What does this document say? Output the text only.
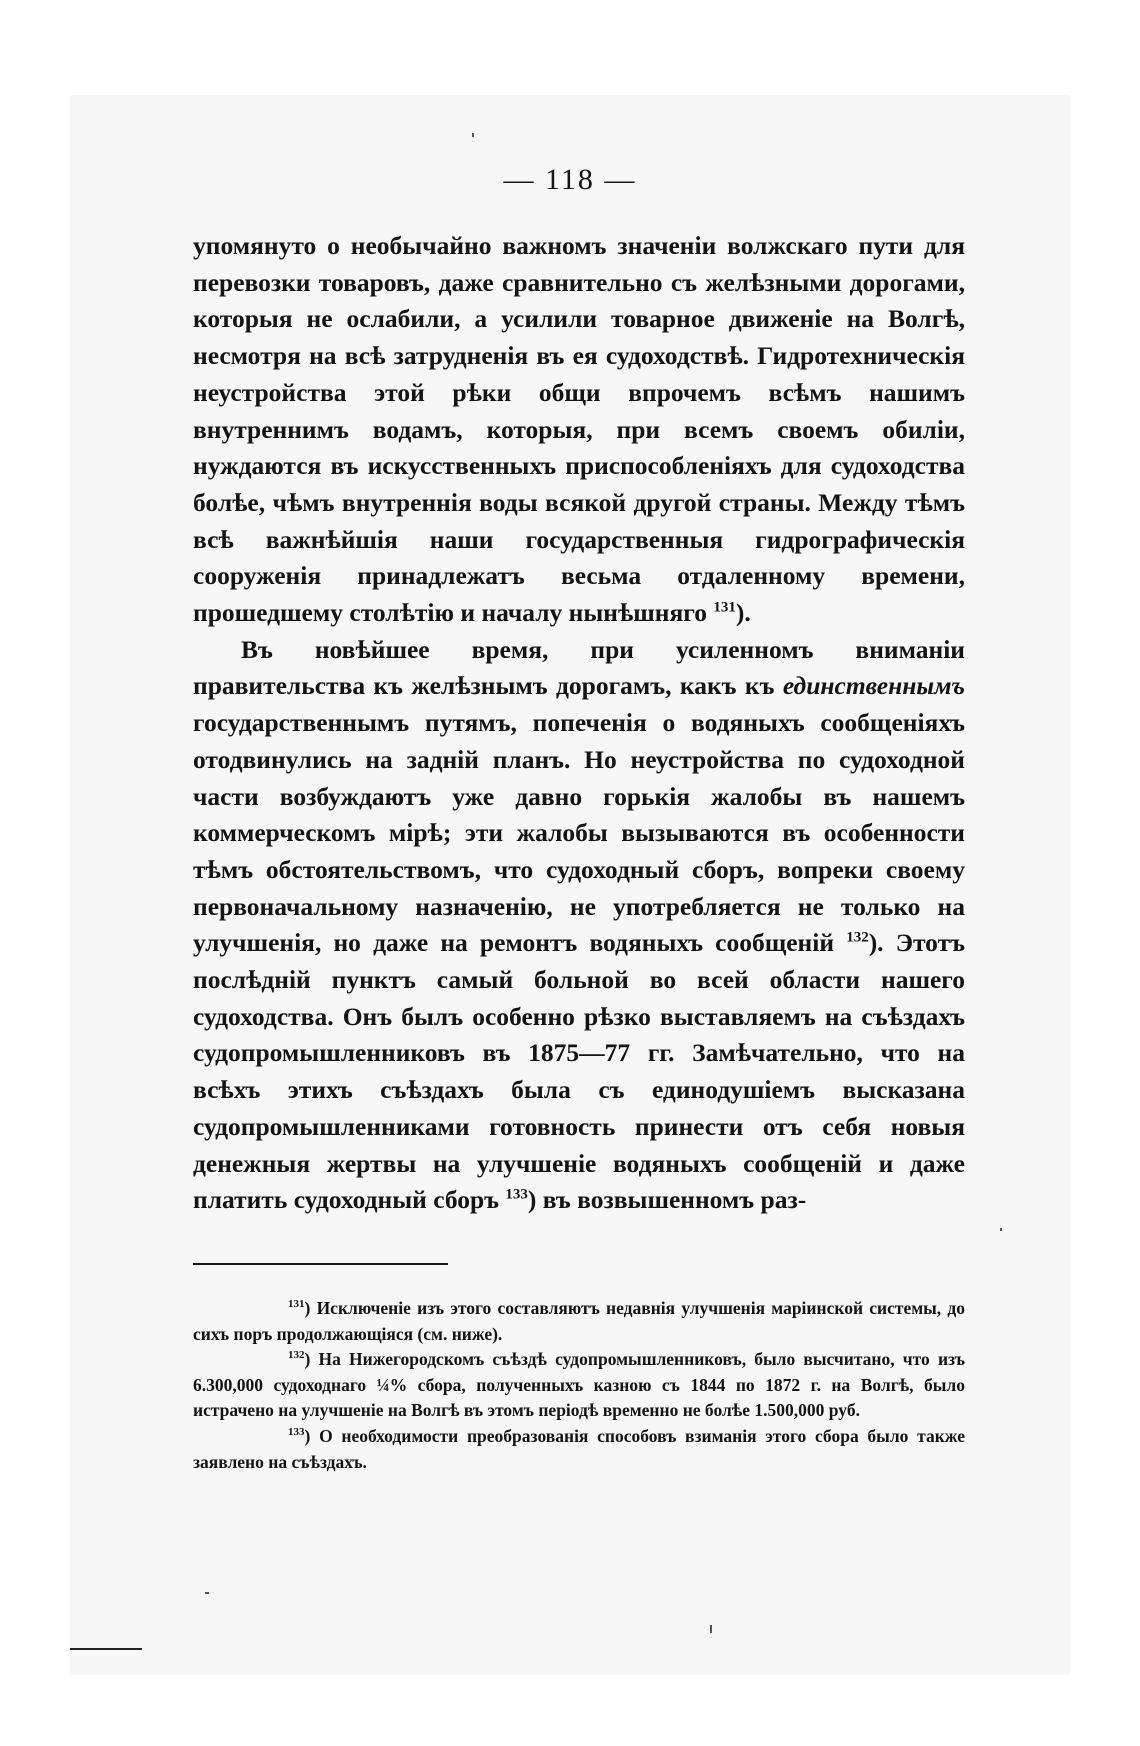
— 118 —

упомянуто о необычайно важномъ значеніи волжскаго пути для перевозки товаровъ, даже сравнительно съ желѣзными дорогами, которыя не ослабили, а усилили товарное движеніе на Волгѣ, несмотря на всѣ затрудненія въ ея судоходствѣ. Гидротехническія неустройства этой рѣки общи впрочемъ всѣмъ нашимъ внутреннимъ водамъ, которыя, при всемъ своемъ обиліи, нуждаются въ искусственныхъ приспособленіяхъ для судоходства болѣе, чѣмъ внутреннія воды всякой другой страны. Между тѣмъ всѣ важнѣйшія наши государственныя гидрографическія сооруженія принадлежатъ весьма отдаленному времени, прошедшему столѣтію и началу нынѣшняго $^{131}$).

Въ новѣйшее время, при усиленномъ вниманіи правительства къ желѣзнымъ дорогамъ, какъ къ единственнымъ государственнымъ путямъ, попеченія о водяныхъ сообщеніяхъ отодвинулись на задній планъ. Но неустройства по судоходной части возбуждаютъ уже давно горькія жалобы въ нашемъ коммерческомъ мірѣ; эти жалобы вызываются въ особенности тѣмъ обстоятельствомъ, что судоходный сборъ, вопреки своему первоначальному назначенію, не употребляется не только на улучшенія, но даже на ремонтъ водяныхъ сообщеній $^{132}$). Этотъ послѣдній пунктъ самый больной во всей области нашего судоходства. Онъ былъ особенно рѣзко выставляемъ на съѣздахъ судопромышленниковъ въ 1875—77 гг. Замѣчательно, что на всѣхъ этихъ съѣздахъ была съ единодушіемъ высказана судопромышленниками готовность принести отъ себя новыя денежныя жертвы на улучшеніе водяныхъ сообщеній и даже платить судоходный сборъ $^{133}$) въ возвышенномъ раз-

$^{131}$) Исключеніе изъ этого составляютъ недавнія улучшенія маріинской системы, до сихъ поръ продолжающіяся (см. ниже).

$^{132}$) На Нижегородскомъ съѣздѣ судопромышленниковъ, было высчитано, что изъ 6.300,000 судоходнаго ¼% сбора, полученныхъ казною съ 1844 по 1872 г. на Волгѣ, было истрачено на улучшеніе на Волгѣ въ этомъ періодѣ временно не болѣе 1.500,000 руб.

$^{133}$) О необходимости преобразованія способовъ взиманія этого сбора было также заявлено на съѣздахъ.
